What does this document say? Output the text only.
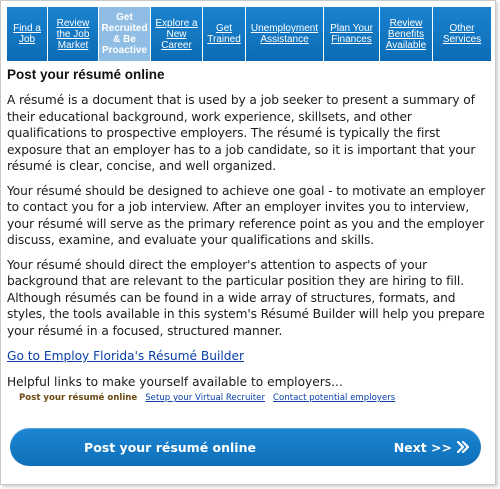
Find a Job
Review the Job Market
Get Recruited & Be Proactive
Explore a New Career
Get Trained
Unemployment Assistance
Plan Your Finances
Review Benefits Available
Other Services
Post your résumé online

A résumé is a document that is used by a job seeker to present a summary of their educational background, work experience, skillsets, and other qualifications to prospective employers. The résumé is typically the first exposure that an employer has to a job candidate, so it is important that your résumé is clear, concise, and well organized.

Your résumé should be designed to achieve one goal - to motivate an employer to contact you for a job interview. After an employer invites you to interview, your résumé will serve as the primary reference point as you and the employer discuss, examine, and evaluate your qualifications and skills.

Your résumé should direct the employer's attention to aspects of your background that are relevant to the particular position they are hiring to fill. Although résumés can be found in a wide array of structures, formats, and styles, the tools available in this system's Résumé Builder will help you prepare your résumé in a focused, structured manner.

Go to Employ Florida's Résumé Builder
Helpful links to make yourself available to employers...
Post your résumé online Setup your Virtual Recruiter Contact potential employers
Post your résumé online	Next >>
